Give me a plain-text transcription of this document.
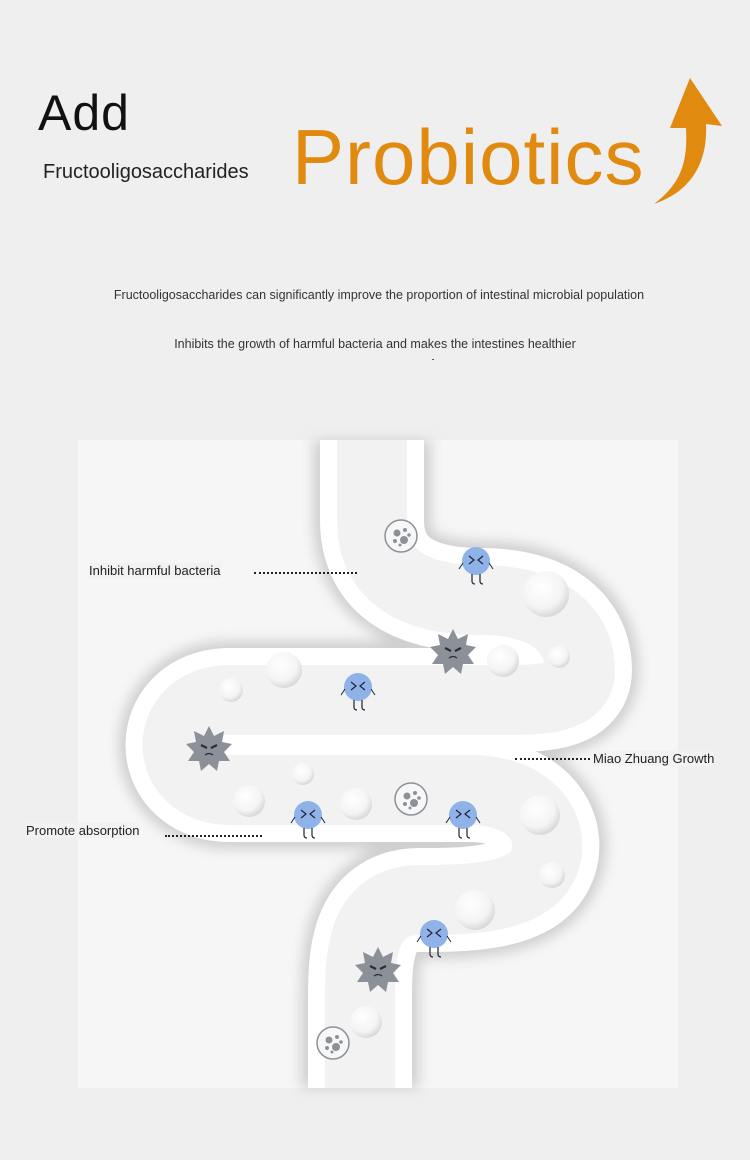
Add
Fructooligosaccharides Probiotics
Fructooligosaccharides can significantly improve the proportion of intestinal microbial population
Inhibits the growth of harmful bacteria and makes the intestines healthier
Inhibit harmful bacteria
Miao Zhuang Growth
Promote absorption
